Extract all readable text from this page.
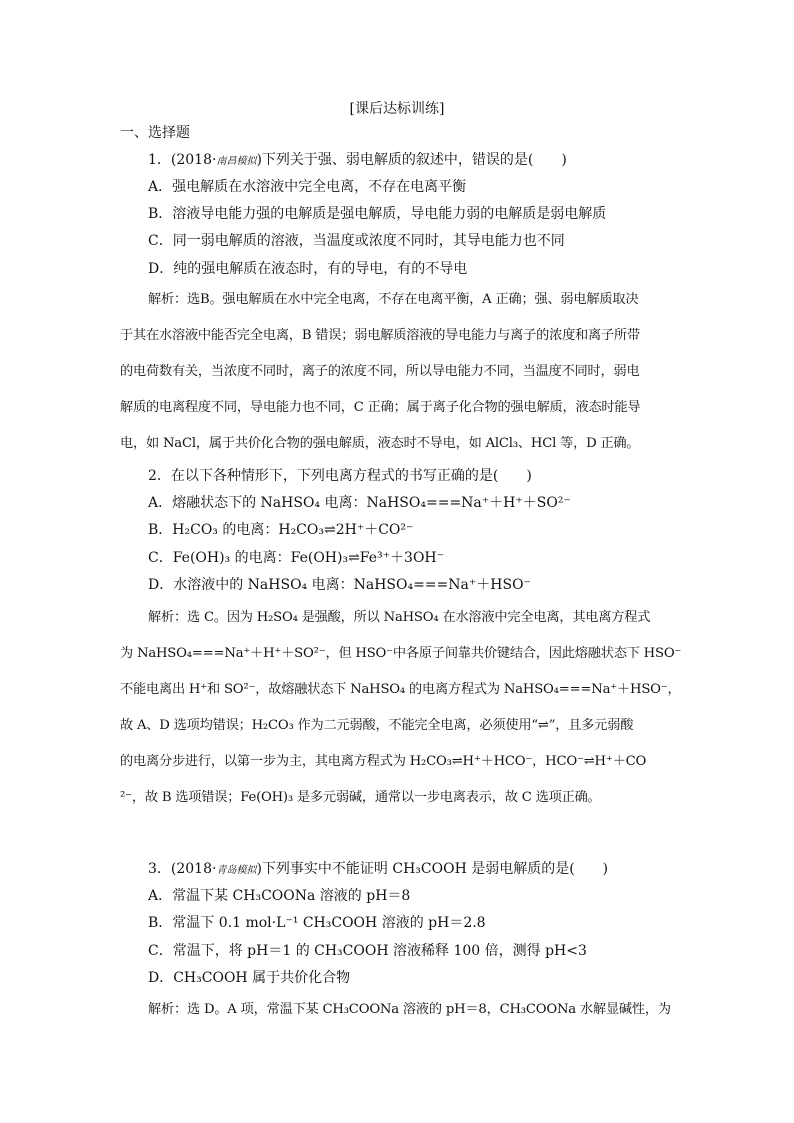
[课后达标训练]
一、选择题
1．(2018·南昌模拟)下列关于强、弱电解质的叙述中，错误的是(　　)
A．强电解质在水溶液中完全电离，不存在电离平衡
B．溶液导电能力强的电解质是强电解质，导电能力弱的电解质是弱电解质
C．同一弱电解质的溶液，当温度或浓度不同时，其导电能力也不同
D．纯的强电解质在液态时，有的导电，有的不导电
解析：选B。强电解质在水中完全电离，不存在电离平衡，A 正确；强、弱电解质取决
于其在水溶液中能否完全电离，B 错误；弱电解质溶液的导电能力与离子的浓度和离子所带
的电荷数有关，当浓度不同时，离子的浓度不同，所以导电能力不同，当温度不同时，弱电
解质的电离程度不同，导电能力也不同，C 正确；属于离子化合物的强电解质，液态时能导
电，如 NaCl，属于共价化合物的强电解质，液态时不导电，如 AlCl₃、HCl 等，D 正确。
2．在以下各种情形下，下列电离方程式的书写正确的是(　　)
A．熔融状态下的 NaHSO₄ 电离：NaHSO₄===Na⁺＋H⁺＋SO²⁻
B．H₂CO₃ 的电离：H₂CO₃⇌2H⁺＋CO²⁻
C．Fe(OH)₃ 的电离：Fe(OH)₃⇌Fe³⁺＋3OH⁻
D．水溶液中的 NaHSO₄ 电离：NaHSO₄===Na⁺＋HSO⁻
解析：选 C。因为 H₂SO₄ 是强酸，所以 NaHSO₄ 在水溶液中完全电离，其电离方程式
为 NaHSO₄===Na⁺＋H⁺＋SO²⁻，但 HSO⁻中各原子间靠共价键结合，因此熔融状态下 HSO⁻
不能电离出 H⁺和 SO²⁻，故熔融状态下 NaHSO₄ 的电离方程式为 NaHSO₄===Na⁺＋HSO⁻，
故 A、D 选项均错误；H₂CO₃ 作为二元弱酸，不能完全电离，必须使用“⇌”，且多元弱酸
的电离分步进行，以第一步为主，其电离方程式为 H₂CO₃⇌H⁺＋HCO⁻，HCO⁻⇌H⁺＋CO
²⁻，故 B 选项错误；Fe(OH)₃ 是多元弱碱，通常以一步电离表示，故 C 选项正确。
3．(2018·青岛模拟)下列事实中不能证明 CH₃COOH 是弱电解质的是(　　)
A．常温下某 CH₃COONa 溶液的 pH＝8
B．常温下 0.1 mol·L⁻¹ CH₃COOH 溶液的 pH＝2.8
C．常温下，将 pH＝1 的 CH₃COOH 溶液稀释 100 倍，测得 pH<3
D．CH₃COOH 属于共价化合物
解析：选 D。A 项，常温下某 CH₃COONa 溶液的 pH＝8，CH₃COONa 水解显碱性，为
